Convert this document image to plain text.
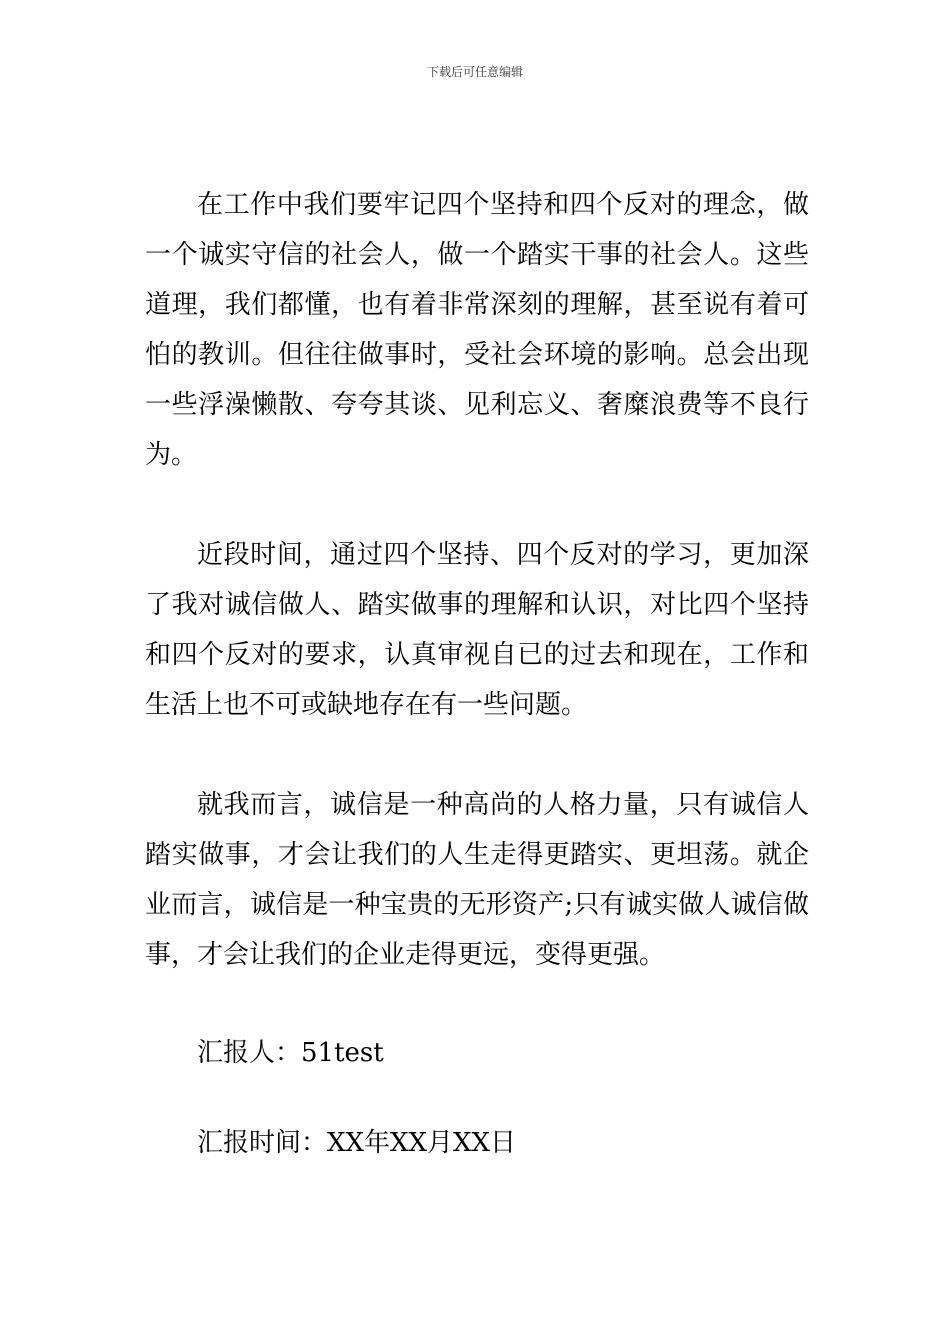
下载后可任意编辑

在工作中我们要牢记四个坚持和四个反对的理念，做一个诚实守信的社会人，做一个踏实干事的社会人。这些道理，我们都懂，也有着非常深刻的理解，甚至说有着可怕的教训。但往往做事时，受社会环境的影响。总会出现一些浮澡懒散、夸夸其谈、见利忘义、奢糜浪费等不良行为。

近段时间，通过四个坚持、四个反对的学习，更加深了我对诚信做人、踏实做事的理解和认识，对比四个坚持和四个反对的要求，认真审视自已的过去和现在，工作和生活上也不可或缺地存在有一些问题。

就我而言，诚信是一种高尚的人格力量，只有诚信人踏实做事，才会让我们的人生走得更踏实、更坦荡。就企业而言，诚信是一种宝贵的无形资产;只有诚实做人诚信做事，才会让我们的企业走得更远，变得更强。

汇报人：51test

汇报时间：XX年XX月XX日
